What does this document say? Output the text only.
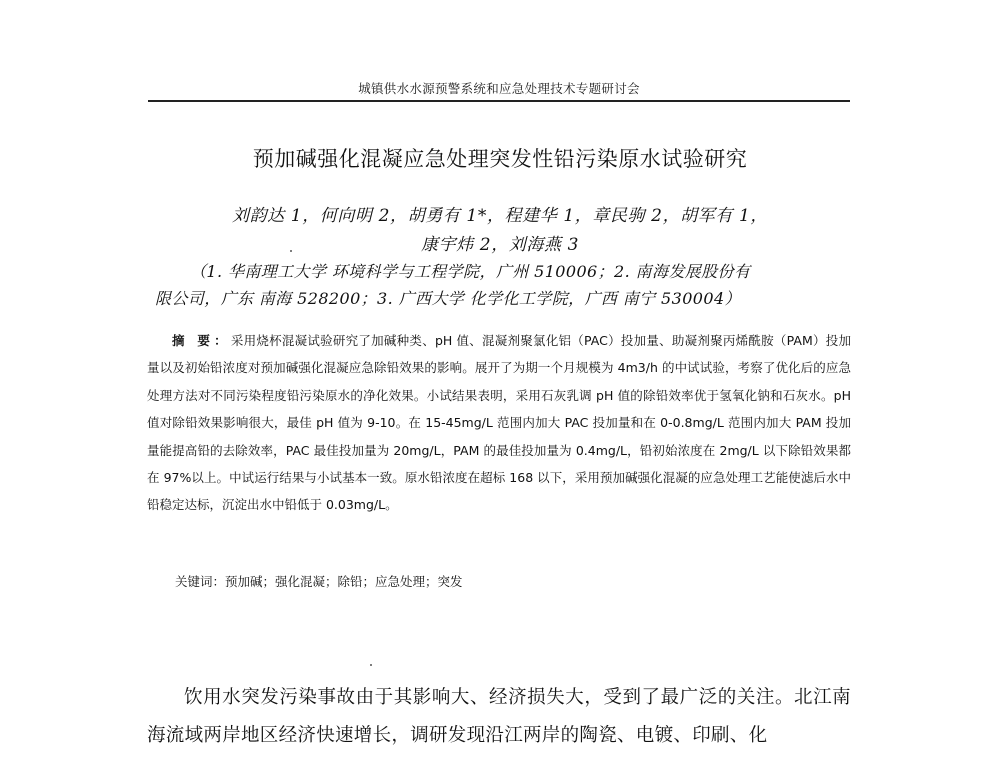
城镇供水水源预警系统和应急处理技术专题研讨会
预加碱强化混凝应急处理突发性铅污染原水试验研究
刘韵达 1，何向明 2，胡勇有 1*，程建华 1，章民驹 2，胡军有 1，
康宇炜 2，刘海燕 3
（1. 华南理工大学 环境科学与工程学院，广州 510006；2. 南海发展股份有
限公司，广东 南海 528200；3. 广西大学 化学化工学院，广西 南宁 530004）

摘 要：采用烧杯混凝试验研究了加碱种类、pH 值、混凝剂聚氯化铝（PAC）投加量、助凝剂聚丙烯酰胺（PAM）投加量以及初始铅浓度对预加碱强化混凝应急除铅效果的影响。展开了为期一个月规模为 4m3/h 的中试试验，考察了优化后的应急处理方法对不同污染程度铅污染原水的净化效果。小试结果表明，采用石灰乳调 pH 值的除铅效率优于氢氧化钠和石灰水。pH 值对除铅效果影响很大，最佳 pH 值为 9-10。在 15-45mg/L 范围内加大 PAC 投加量和在 0-0.8mg/L 范围内加大 PAM 投加量能提高铅的去除效率，PAC 最佳投加量为 20mg/L，PAM 的最佳投加量为 0.4mg/L，铅初始浓度在 2mg/L 以下除铅效果都在 97%以上。中试运行结果与小试基本一致。原水铅浓度在超标 168 以下，采用预加碱强化混凝的应急处理工艺能使滤后水中铅稳定达标，沉淀出水中铅低于 0.03mg/L。

关键词：预加碱；强化混凝；除铅；应急处理；突发

饮用水突发污染事故由于其影响大、经济损失大，受到了最广泛的关注。北江南海流域两岸地区经济快速增长，调研发现沿江两岸的陶瓷、电镀、印刷、化
